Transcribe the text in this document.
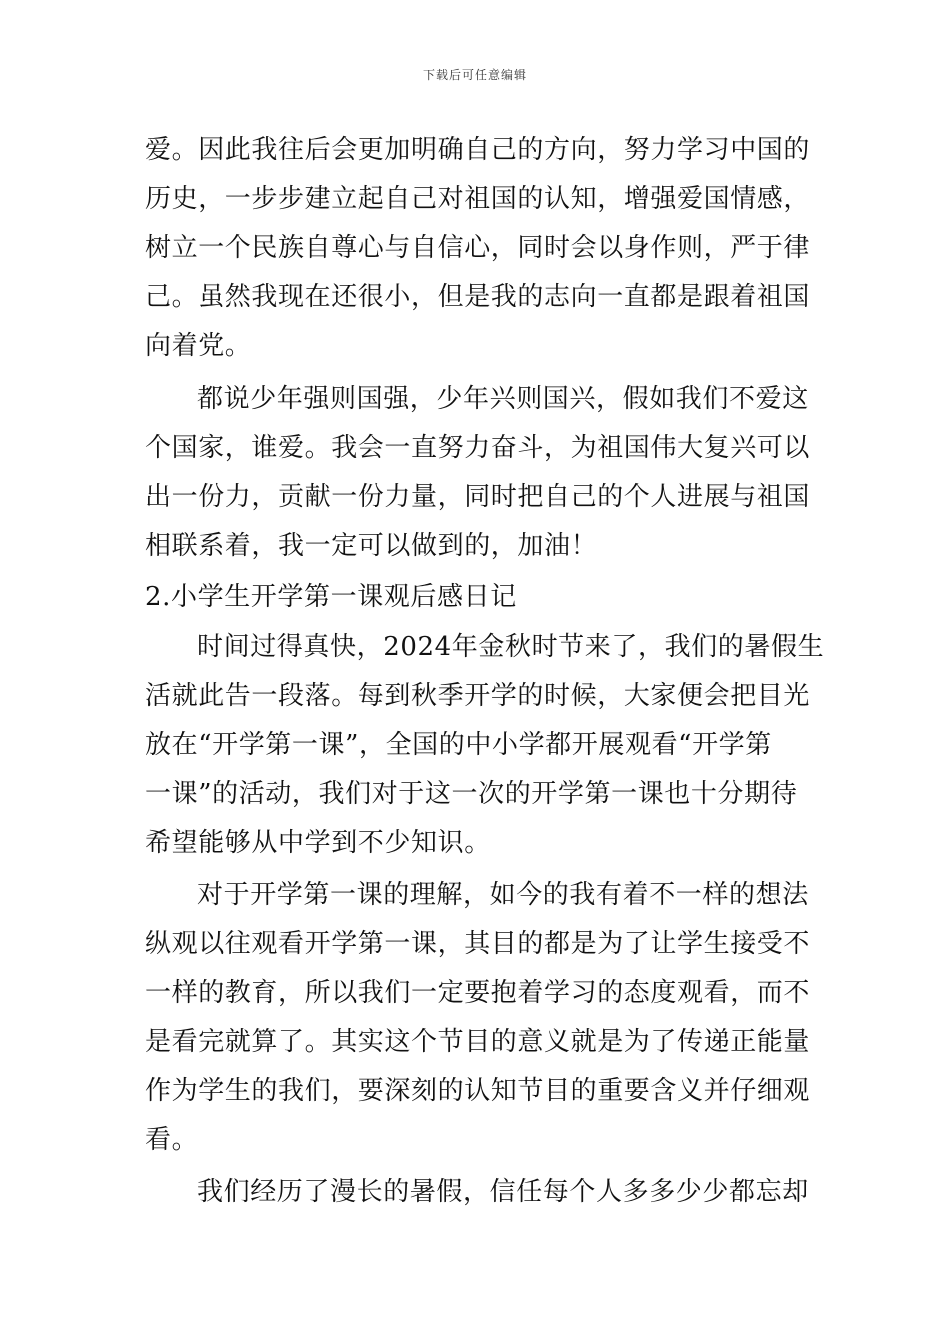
下载后可任意编辑

爱。因此我往后会更加明确自己的方向，努力学习中国的

历史，一步步建立起自己对祖国的认知，增强爱国情感，

树立一个民族自尊心与自信心，同时会以身作则，严于律

己。虽然我现在还很小，但是我的志向一直都是跟着祖国

向着党。

都说少年强则国强，少年兴则国兴，假如我们不爱这

个国家，谁爱。我会一直努力奋斗，为祖国伟大复兴可以

出一份力，贡献一份力量，同时把自己的个人进展与祖国

相联系着，我一定可以做到的，加油！

2.小学生开学第一课观后感日记

时间过得真快，2024年金秋时节来了，我们的暑假生

活就此告一段落。每到秋季开学的时候，大家便会把目光

放在“开学第一课”，全国的中小学都开展观看“开学第

一课”的活动，我们对于这一次的开学第一课也十分期待

希望能够从中学到不少知识。

对于开学第一课的理解，如今的我有着不一样的想法

纵观以往观看开学第一课，其目的都是为了让学生接受不

一样的教育，所以我们一定要抱着学习的态度观看，而不

是看完就算了。其实这个节目的意义就是为了传递正能量

作为学生的我们，要深刻的认知节目的重要含义并仔细观

看。

我们经历了漫长的暑假，信任每个人多多少少都忘却
